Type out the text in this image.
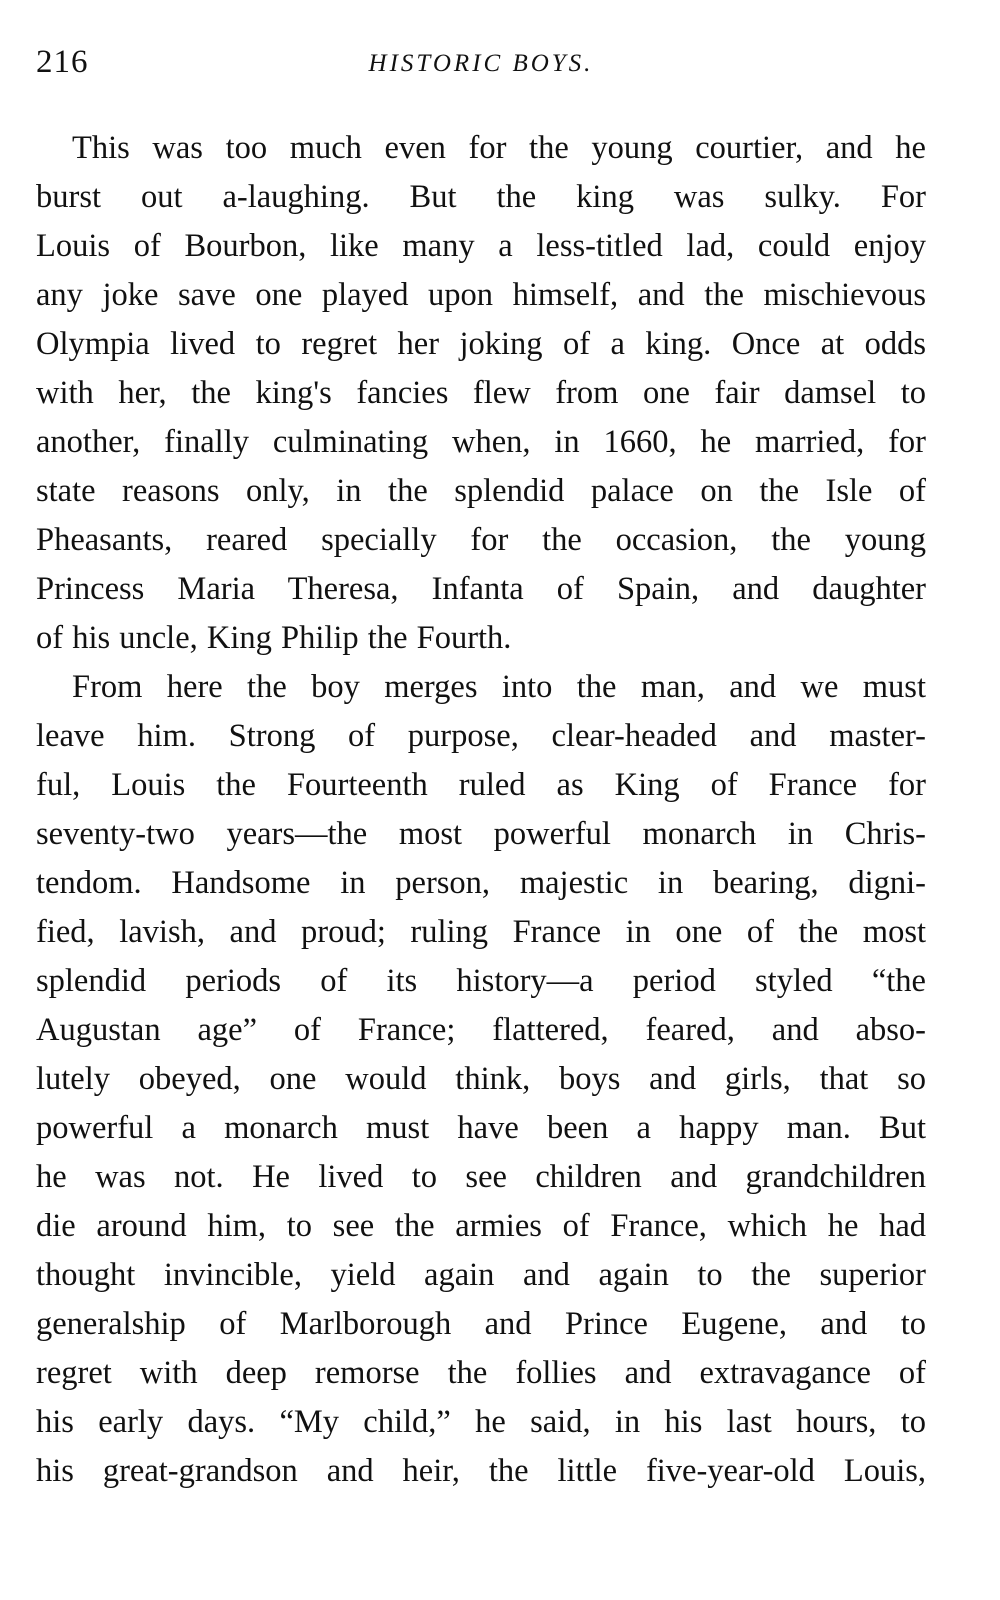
216	HISTORIC BOYS.
This was too much even for the young courtier, and he
burst out a-laughing. But the king was sulky. For
Louis of Bourbon, like many a less-titled lad, could enjoy
any joke save one played upon himself, and the mischievous
Olympia lived to regret her joking of a king. Once at odds
with her, the king's fancies flew from one fair damsel to
another, finally culminating when, in 1660, he married, for
state reasons only, in the splendid palace on the Isle of
Pheasants, reared specially for the occasion, the young
Princess Maria Theresa, Infanta of Spain, and daughter
of his uncle, King Philip the Fourth.
From here the boy merges into the man, and we must
leave him. Strong of purpose, clear-headed and master-
ful, Louis the Fourteenth ruled as King of France for
seventy-two years—the most powerful monarch in Chris-
tendom. Handsome in person, majestic in bearing, digni-
fied, lavish, and proud; ruling France in one of the most
splendid periods of its history—a period styled “the
Augustan age” of France; flattered, feared, and abso-
lutely obeyed, one would think, boys and girls, that so
powerful a monarch must have been a happy man. But
he was not. He lived to see children and grandchildren
die around him, to see the armies of France, which he had
thought invincible, yield again and again to the superior
generalship of Marlborough and Prince Eugene, and to
regret with deep remorse the follies and extravagance of
his early days. “My child,” he said, in his last hours, to
his great-grandson and heir, the little five-year-old Louis,
